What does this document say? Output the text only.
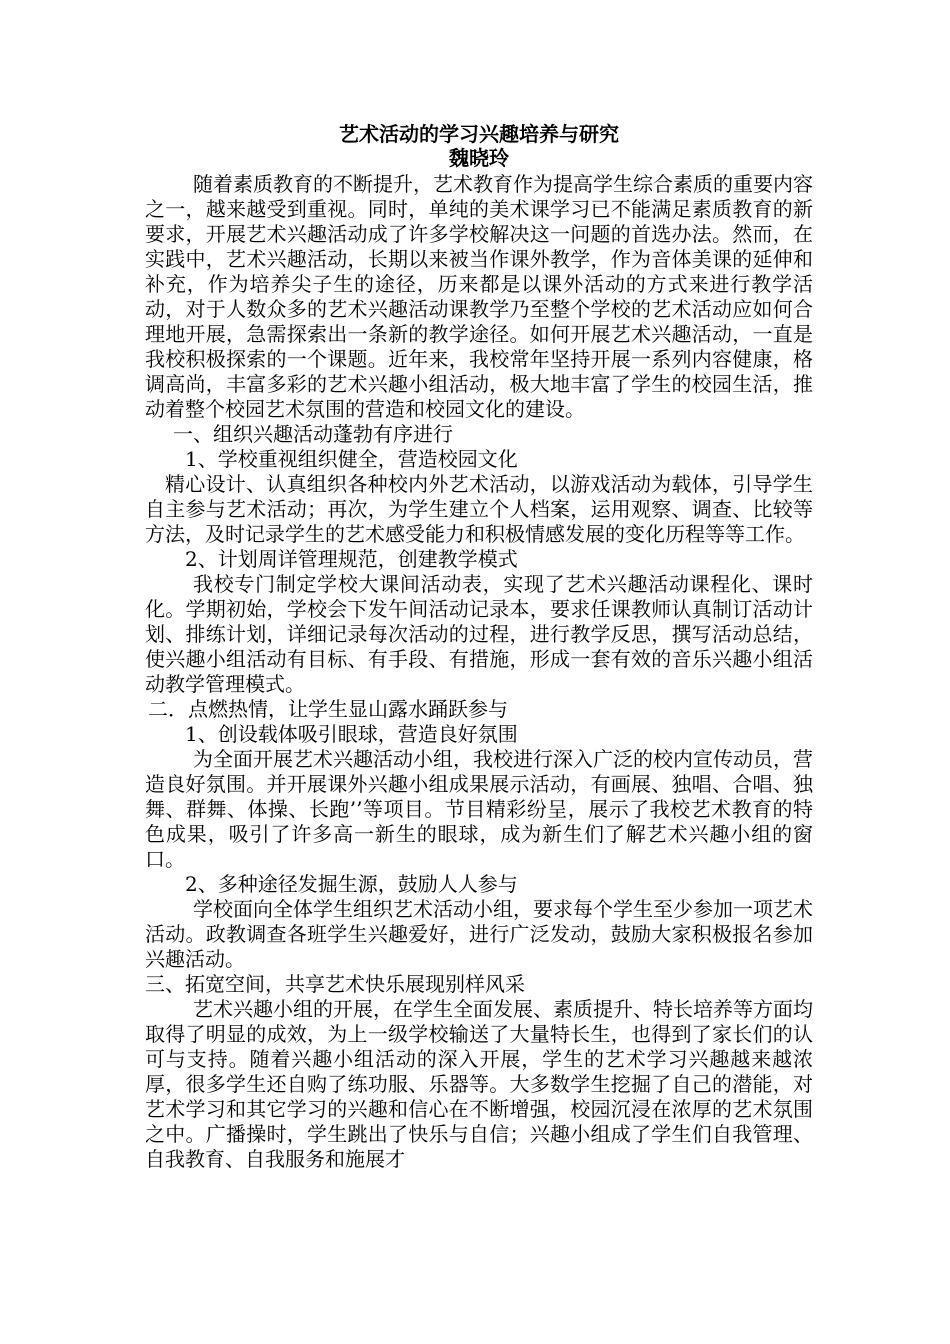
艺术活动的学习兴趣培养与研究

魏晓玲

随着素质教育的不断提升，艺术教育作为提高学生综合素质的重要内容之一，越来越受到重视。同时，单纯的美术课学习已不能满足素质教育的新要求，开展艺术兴趣活动成了许多学校解决这一问题的首选办法。然而，在实践中，艺术兴趣活动，长期以来被当作课外教学，作为音体美课的延伸和补充，作为培养尖子生的途径，历来都是以课外活动的方式来进行教学活动，对于人数众多的艺术兴趣活动课教学乃至整个学校的艺术活动应如何合理地开展，急需探索出一条新的教学途径。如何开展艺术兴趣活动，一直是我校积极探索的一个课题。近年来，我校常年坚持开展一系列内容健康，格调高尚，丰富多彩的艺术兴趣小组活动，极大地丰富了学生的校园生活，推动着整个校园艺术氛围的营造和校园文化的建设。

一、组织兴趣活动蓬勃有序进行

1、学校重视组织健全，营造校园文化

精心设计、认真组织各种校内外艺术活动，以游戏活动为载体，引导学生自主参与艺术活动；再次，为学生建立个人档案，运用观察、调查、比较等方法，及时记录学生的艺术感受能力和积极情感发展的变化历程等等工作。

2、计划周详管理规范，创建教学模式

我校专门制定学校大课间活动表，实现了艺术兴趣活动课程化、课时化。学期初始，学校会下发午间活动记录本，要求任课教师认真制订活动计划、排练计划，详细记录每次活动的过程，进行教学反思，撰写活动总结，使兴趣小组活动有目标、有手段、有措施，形成一套有效的音乐兴趣小组活动教学管理模式。

二．点燃热情，让学生显山露水踊跃参与

1、创设载体吸引眼球，营造良好氛围

为全面开展艺术兴趣活动小组，我校进行深入广泛的校内宣传动员，营造良好氛围。并开展课外兴趣小组成果展示活动，有画展、独唱、合唱、独舞、群舞、体操、长跑’’等项目。节目精彩纷呈，展示了我校艺术教育的特色成果，吸引了许多高一新生的眼球，成为新生们了解艺术兴趣小组的窗口。

2、多种途径发掘生源，鼓励人人参与

学校面向全体学生组织艺术活动小组，要求每个学生至少参加一项艺术活动。政教调查各班学生兴趣爱好，进行广泛发动，鼓励大家积极报名参加兴趣活动。

三、拓宽空间，共享艺术快乐展现别样风采

艺术兴趣小组的开展，在学生全面发展、素质提升、特长培养等方面均取得了明显的成效，为上一级学校输送了大量特长生，也得到了家长们的认可与支持。随着兴趣小组活动的深入开展，学生的艺术学习兴趣越来越浓厚，很多学生还自购了练功服、乐器等。大多数学生挖掘了自己的潜能，对艺术学习和其它学习的兴趣和信心在不断增强，校园沉浸在浓厚的艺术氛围之中。广播操时，学生跳出了快乐与自信；兴趣小组成了学生们自我管理、自我教育、自我服务和施展才
